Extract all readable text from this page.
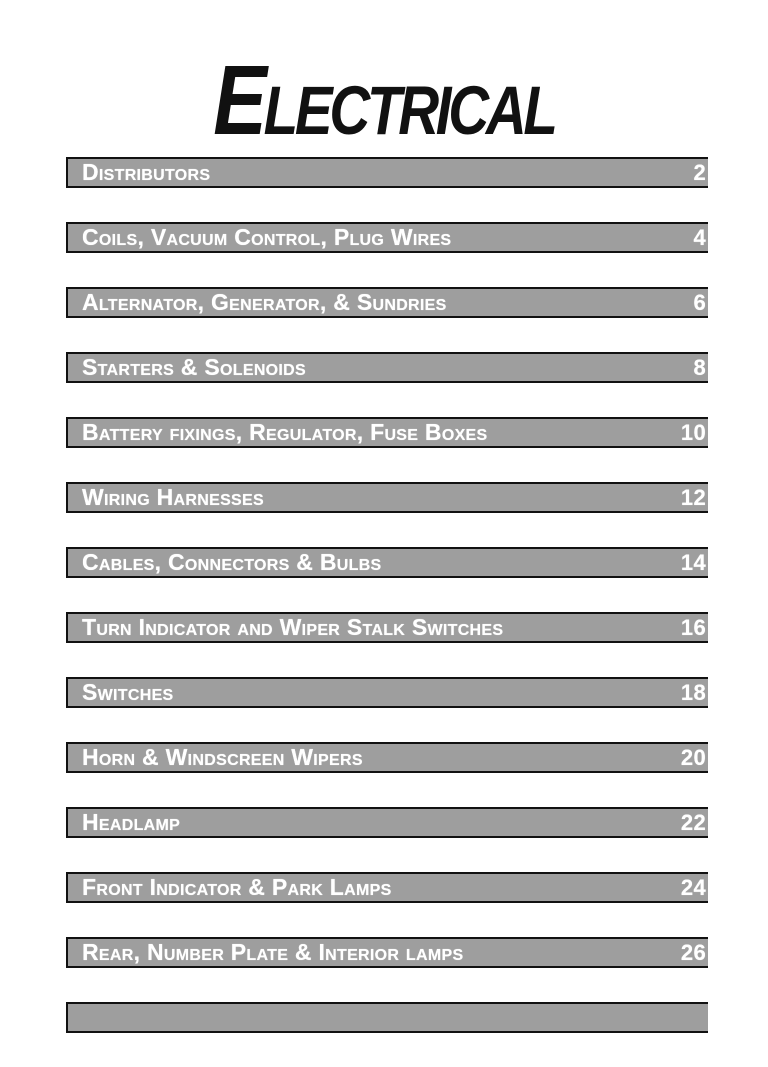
Electrical
Distributors	2
Coils, Vacuum Control, Plug Wires	4
Alternator, Generator, & Sundries	6
Starters & Solenoids	8
Battery fixings, Regulator, Fuse Boxes	10
Wiring Harnesses	12
Cables, Connectors & Bulbs	14
Turn Indicator and Wiper Stalk Switches	16
Switches	18
Horn & Windscreen Wipers	20
Headlamp	22
Front Indicator & Park Lamps	24
Rear, Number Plate & Interior lamps	26
